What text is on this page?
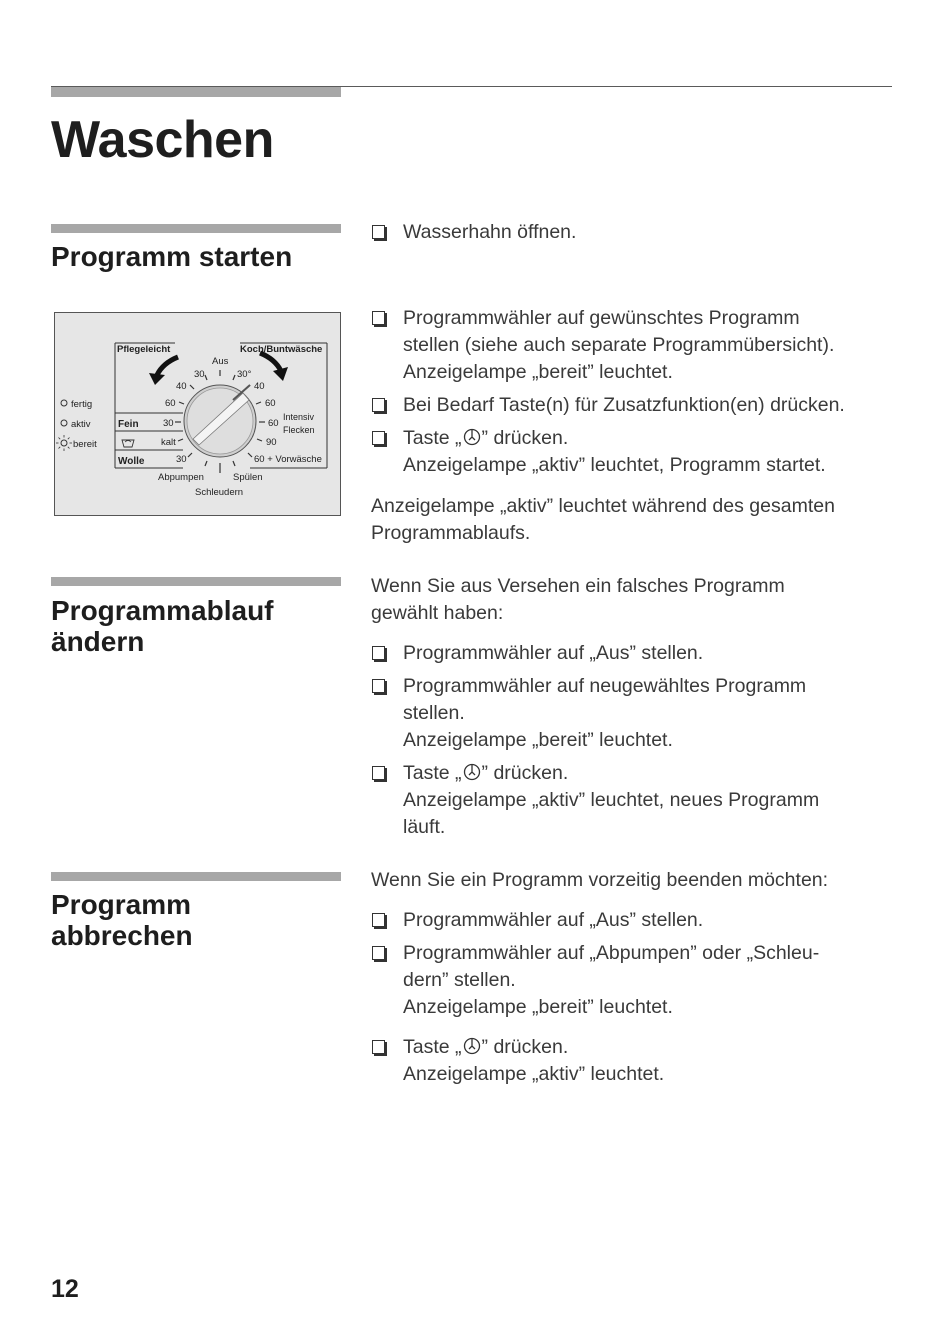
Waschen
Programm starten
Wasserhahn öffnen.
Programmwähler auf gewünschtes Programm
stellen (siehe auch separate Programmübersicht).
Anzeigelampe „bereit” leuchtet.
Bei Bedarf Taste(n) für Zusatzfunktion(en) drücken.
Taste „ ” drücken.
Anzeigelampe „aktiv” leuchtet, Programm startet.
Anzeigelampe „aktiv” leuchtet während des gesamten
Programmablaufs.
Pflegeleicht	Koch/Buntwäsche
Fein
Wolle
fertig
aktiv
bereit
Aus
30	30°
40	40
60	60
30	60
Intensiv
Flecken
kalt	90
30	60 + Vorwäsche
Abpumpen	Spülen
Schleudern
Programmablauf
ändern
Wenn Sie aus Versehen ein falsches Programm
gewählt haben:
Programmwähler auf „Aus” stellen.
Programmwähler auf neugewähltes Programm
stellen.
Anzeigelampe „bereit” leuchtet.
Taste „ ” drücken.
Anzeigelampe „aktiv” leuchtet, neues Programm
läuft.
Programm
abbrechen
Wenn Sie ein Programm vorzeitig beenden möchten:
Programmwähler auf „Aus” stellen.
Programmwähler auf „Abpumpen” oder „Schleu-
dern” stellen.
Anzeigelampe „bereit” leuchtet.
Taste „ ” drücken.
Anzeigelampe „aktiv” leuchtet.
12
